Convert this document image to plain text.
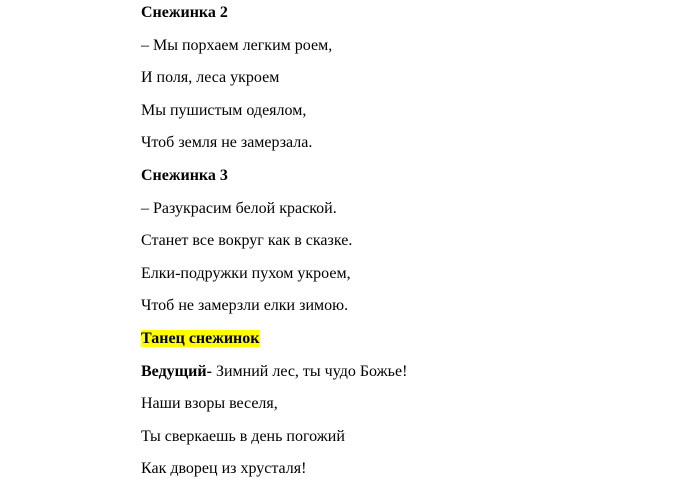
Снежинка 2

– Мы порхаем легким роем,

И поля, леса укроем

Мы пушистым одеялом,

Чтоб земля не замерзала.

Снежинка 3

– Разукрасим белой краской.

Станет все вокруг как в сказке.

Елки-подружки пухом укроем,

Чтоб не замерзли елки зимою.

Танец снежинок

Ведущий- Зимний лес, ты чудо Божье!

Наши взоры веселя,

Ты сверкаешь в день погожий

Как дворец из хрусталя!
